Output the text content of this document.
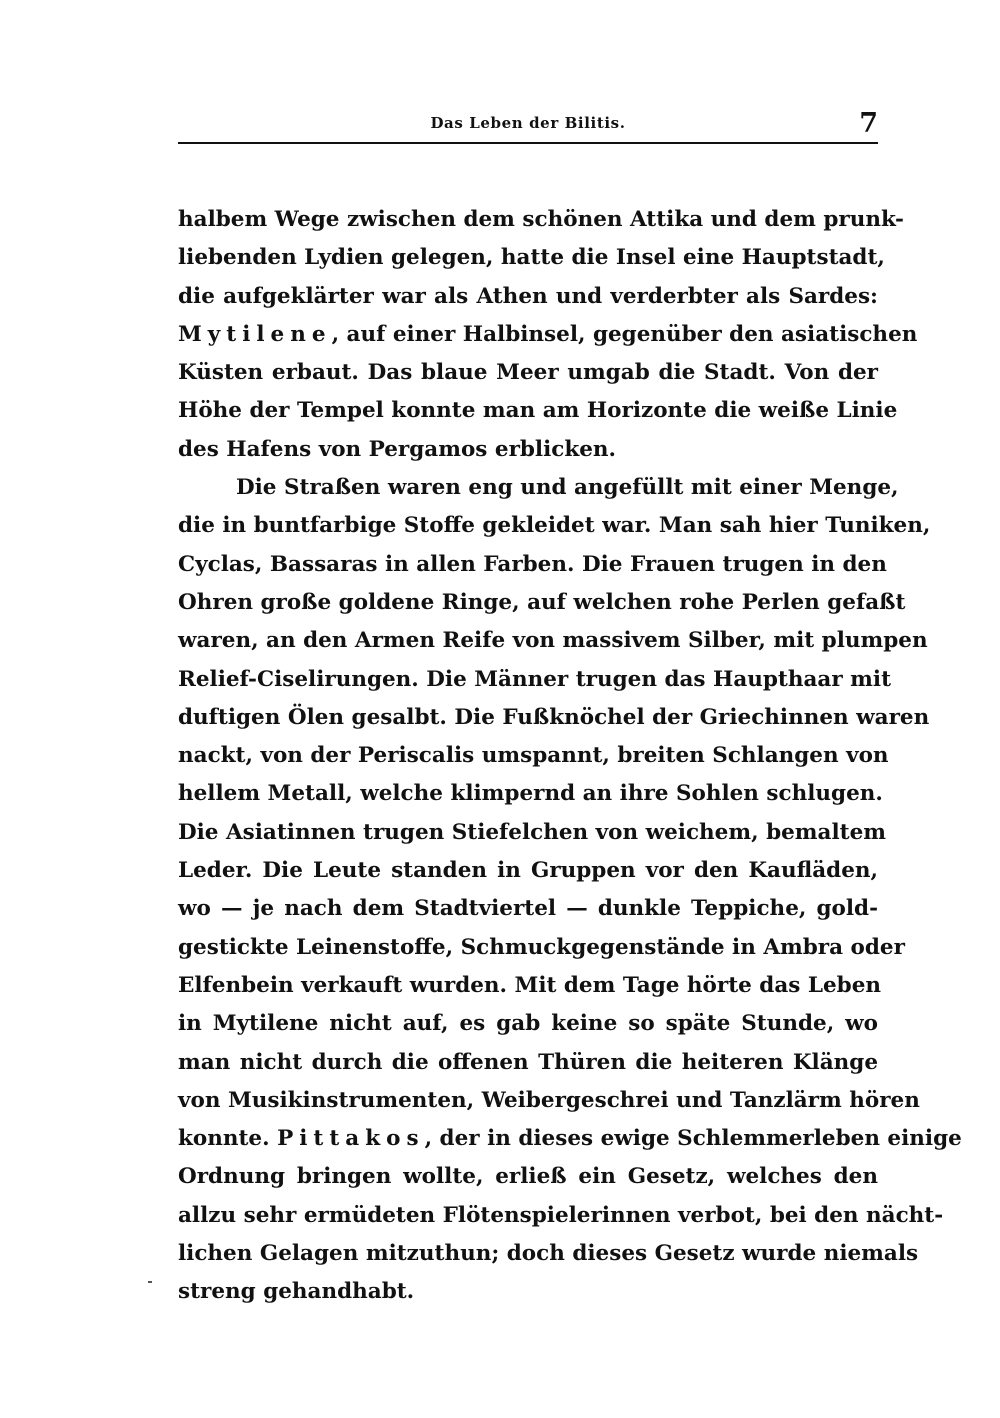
Das Leben der Bilitis.	7
halbem Wege zwischen dem schönen Attika und dem prunk-
liebenden Lydien gelegen, hatte die Insel eine Hauptstadt,
die aufgeklärter war als Athen und verderbter als Sardes:
Mytilene, auf einer Halbinsel, gegenüber den asiatischen
Küsten erbaut. Das blaue Meer umgab die Stadt. Von der
Höhe der Tempel konnte man am Horizonte die weiße Linie
des Hafens von Pergamos erblicken.
Die Straßen waren eng und angefüllt mit einer Menge,
die in buntfarbige Stoffe gekleidet war. Man sah hier Tuniken,
Cyclas, Bassaras in allen Farben. Die Frauen trugen in den
Ohren große goldene Ringe, auf welchen rohe Perlen gefaßt
waren, an den Armen Reife von massivem Silber, mit plumpen
Relief-Ciselirungen. Die Männer trugen das Haupthaar mit
duftigen Ölen gesalbt. Die Fußknöchel der Griechinnen waren
nackt, von der Periscalis umspannt, breiten Schlangen von
hellem Metall, welche klimpernd an ihre Sohlen schlugen.
Die Asiatinnen trugen Stiefelchen von weichem, bemaltem
Leder. Die Leute standen in Gruppen vor den Kaufläden,
wo — je nach dem Stadtviertel — dunkle Teppiche, gold-
gestickte Leinenstoffe, Schmuckgegenstände in Ambra oder
Elfenbein verkauft wurden. Mit dem Tage hörte das Leben
in Mytilene nicht auf, es gab keine so späte Stunde, wo
man nicht durch die offenen Thüren die heiteren Klänge
von Musikinstrumenten, Weibergeschrei und Tanzlärm hören
konnte. Pittakos, der in dieses ewige Schlemmerleben einige
Ordnung bringen wollte, erließ ein Gesetz, welches den
allzu sehr ermüdeten Flötenspielerinnen verbot, bei den nächt-
lichen Gelagen mitzuthun; doch dieses Gesetz wurde niemals
streng gehandhabt.
